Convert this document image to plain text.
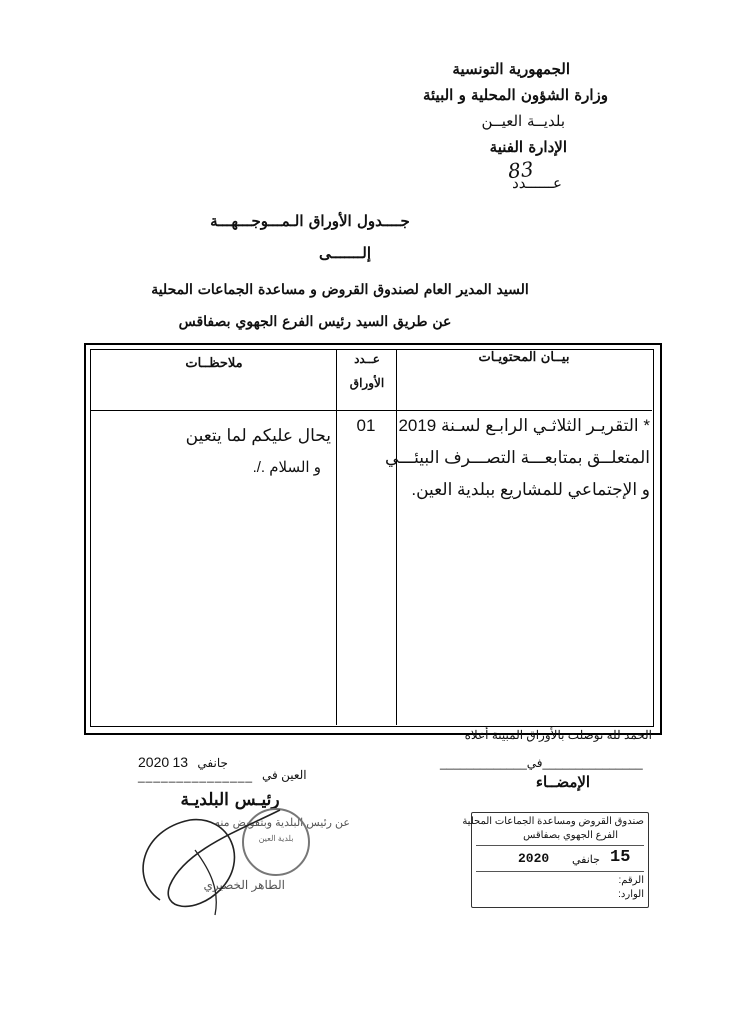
الجمهورية التونسية
وزارة الشؤون المحلية و البيئة
بلديــة العيــن
الإدارة الفنية
83
عــــــدد
جــــدول الأوراق الـمـــوجـــهـــة
إلـــــــى
السيد المدير العام لصندوق القروض و مساعدة الجماعات المحلية
عن طريق السيد رئيس الفرع الجهوي بصفاقس
بيــان المحتويـات
عــدد
الأوراق
ملاحظــات
* التقريـر الثلاثـي الرابـع لسـنة 2019
المتعلــق بمتابعـــة التصـــرف البيئـــي
و الإجتماعي للمشاريع ببلدية العين.
01
يحال عليكم لما يتعين
و السلام ./.
الحمد لله توصلت بالأوراق المبينة أعلاه
_______________في_____________
الإمضــاء
صندوق القروض ومساعدة الجماعات المحلية
الفرع الجهوي بصفاقس
2020 جانفي 15
الرقم:
الوارد:
2020 جانفي 13
_______________ العين في
رئيـس البلديـة
عن رئيس البلدية وبتفويض منه
الطاهر الخصيري
بلدية العين
